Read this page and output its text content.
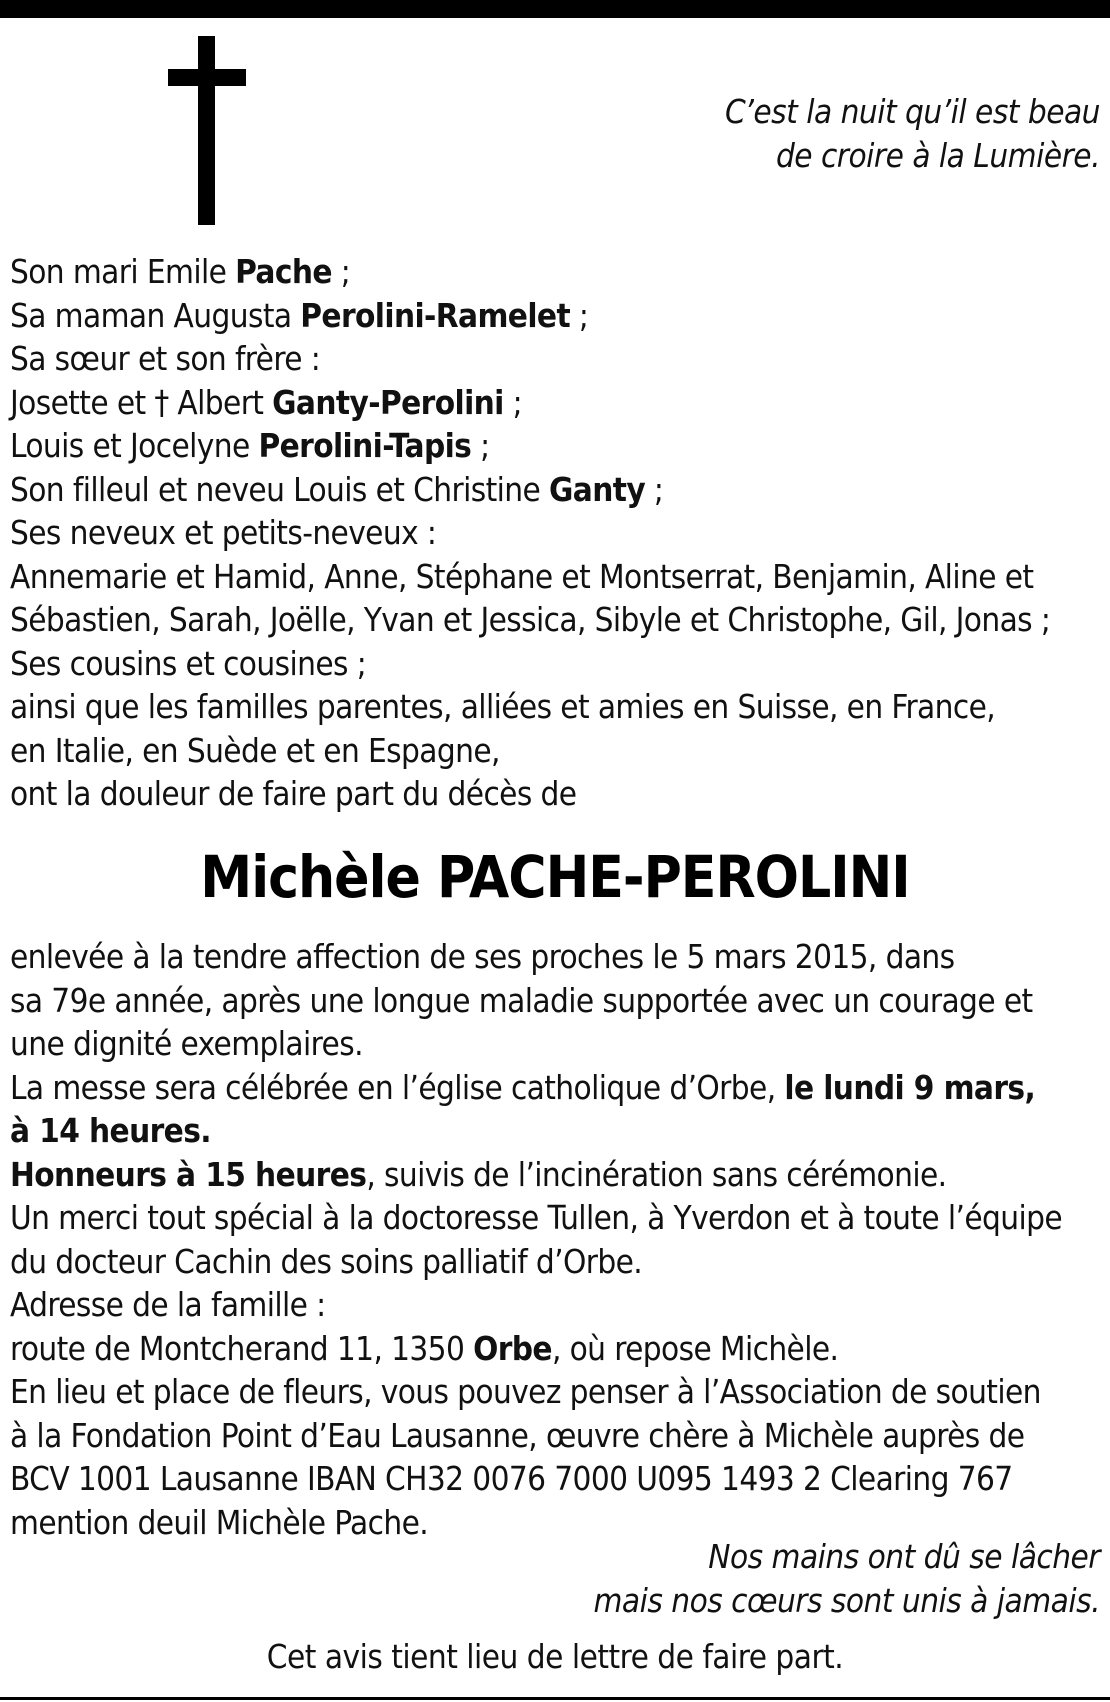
C’est la nuit qu’il est beau
de croire à la Lumière.

Son mari Emile Pache ;

Sa maman Augusta Perolini-Ramelet ;

Sa sœur et son frère :

Josette et † Albert Ganty-Perolini ;

Louis et Jocelyne Perolini-Tapis ;

Son filleul et neveu Louis et Christine Ganty ;

Ses neveux et petits-neveux :

Annemarie et Hamid, Anne, Stéphane et Montserrat, Benjamin, Aline et

Sébastien, Sarah, Joëlle, Yvan et Jessica, Sibyle et Christophe, Gil, Jonas ;

Ses cousins et cousines ;

ainsi que les familles parentes, alliées et amies en Suisse, en France,

en Italie, en Suède et en Espagne,

ont la douleur de faire part du décès de

Michèle PACHE-PEROLINI

enlevée à la tendre affection de ses proches le 5 mars 2015, dans

sa 79e année, après une longue maladie supportée avec un courage et

une dignité exemplaires.

La messe sera célébrée en l’église catholique d’Orbe, le lundi 9 mars,

à 14 heures.

Honneurs à 15 heures, suivis de l’incinération sans cérémonie.

Un merci tout spécial à la doctoresse Tullen, à Yverdon et à toute l’équipe

du docteur Cachin des soins palliatif d’Orbe.

Adresse de la famille :

route de Montcherand 11, 1350 Orbe, où repose Michèle.

En lieu et place de fleurs, vous pouvez penser à l’Association de soutien

à la Fondation Point d’Eau Lausanne, œuvre chère à Michèle auprès de

BCV 1001 Lausanne IBAN CH32 0076 7000 U095 1493 2 Clearing 767

mention deuil Michèle Pache.

Nos mains ont dû se lâcher
mais nos cœurs sont unis à jamais.
Cet avis tient lieu de lettre de faire part.
